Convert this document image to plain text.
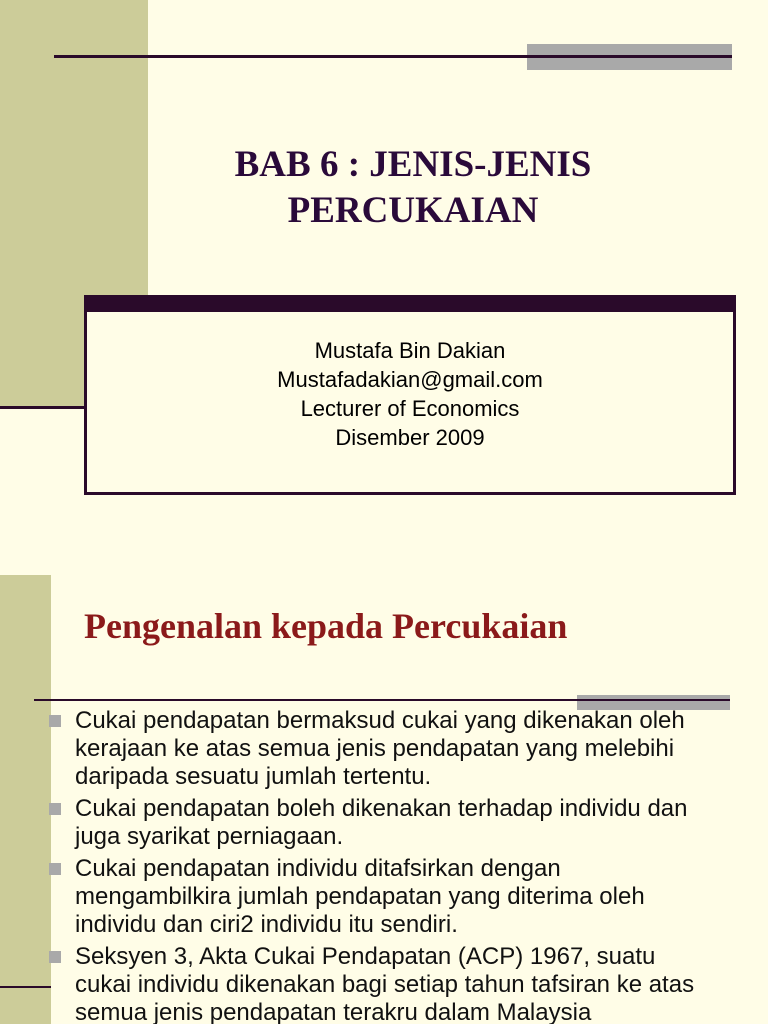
BAB 6 : JENIS-JENIS
PERCUKAIAN
Mustafa Bin Dakian
Mustafadakian@gmail.com
Lecturer of Economics
Disember 2009
Pengenalan kepada Percukaian
Cukai pendapatan bermaksud cukai yang dikenakan oleh kerajaan ke atas semua jenis pendapatan yang melebihi daripada sesuatu jumlah tertentu.
Cukai pendapatan boleh dikenakan terhadap individu dan juga syarikat perniagaan.
Cukai pendapatan individu ditafsirkan dengan mengambilkira jumlah pendapatan yang diterima oleh individu dan ciri2 individu itu sendiri.
Seksyen 3, Akta Cukai Pendapatan (ACP) 1967, suatu cukai individu dikenakan bagi setiap tahun tafsiran ke atas semua jenis pendapatan terakru dalam Malaysia
